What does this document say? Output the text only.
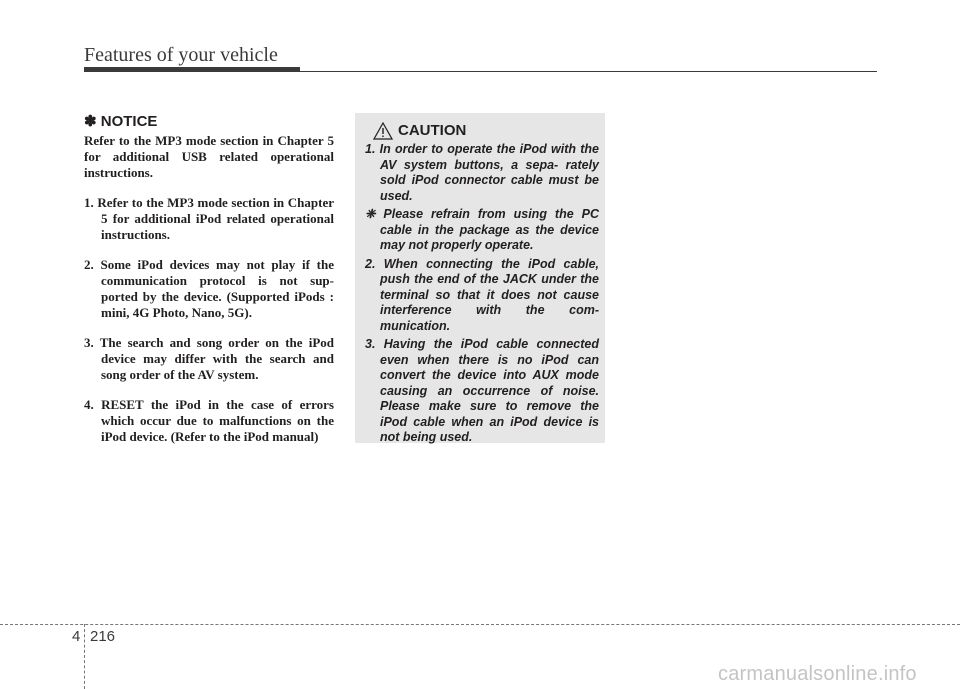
Features of your vehicle
✽ NOTICE

Refer to the MP3 mode section in Chapter 5 for additional USB related operational instructions.

1. Refer to the MP3 mode section in Chapter 5 for additional iPod related operational instructions.

2. Some iPod devices may not play if the communication protocol is not sup- ported by the device. (Supported iPods : mini, 4G Photo, Nano, 5G).

3. The search and song order on the iPod device may differ with the search and song order of the AV system.

4. RESET the iPod in the case of errors which occur due to malfunctions on the iPod device. (Refer to the iPod manual)

CAUTION

1. In order to operate the iPod with the AV system buttons, a sepa- rately sold iPod connector cable must be used.

❈ Please refrain from using the PC cable in the package as the device may not properly operate.

2. When connecting the iPod cable, push the end of the JACK under the terminal so that it does not cause interference with the com- munication.

3. Having the iPod cable connected even when there is no iPod can convert the device into AUX mode causing an occurrence of noise. Please make sure to remove the iPod cable when an iPod device is not being used.

4 216
carmanualsonline.info
